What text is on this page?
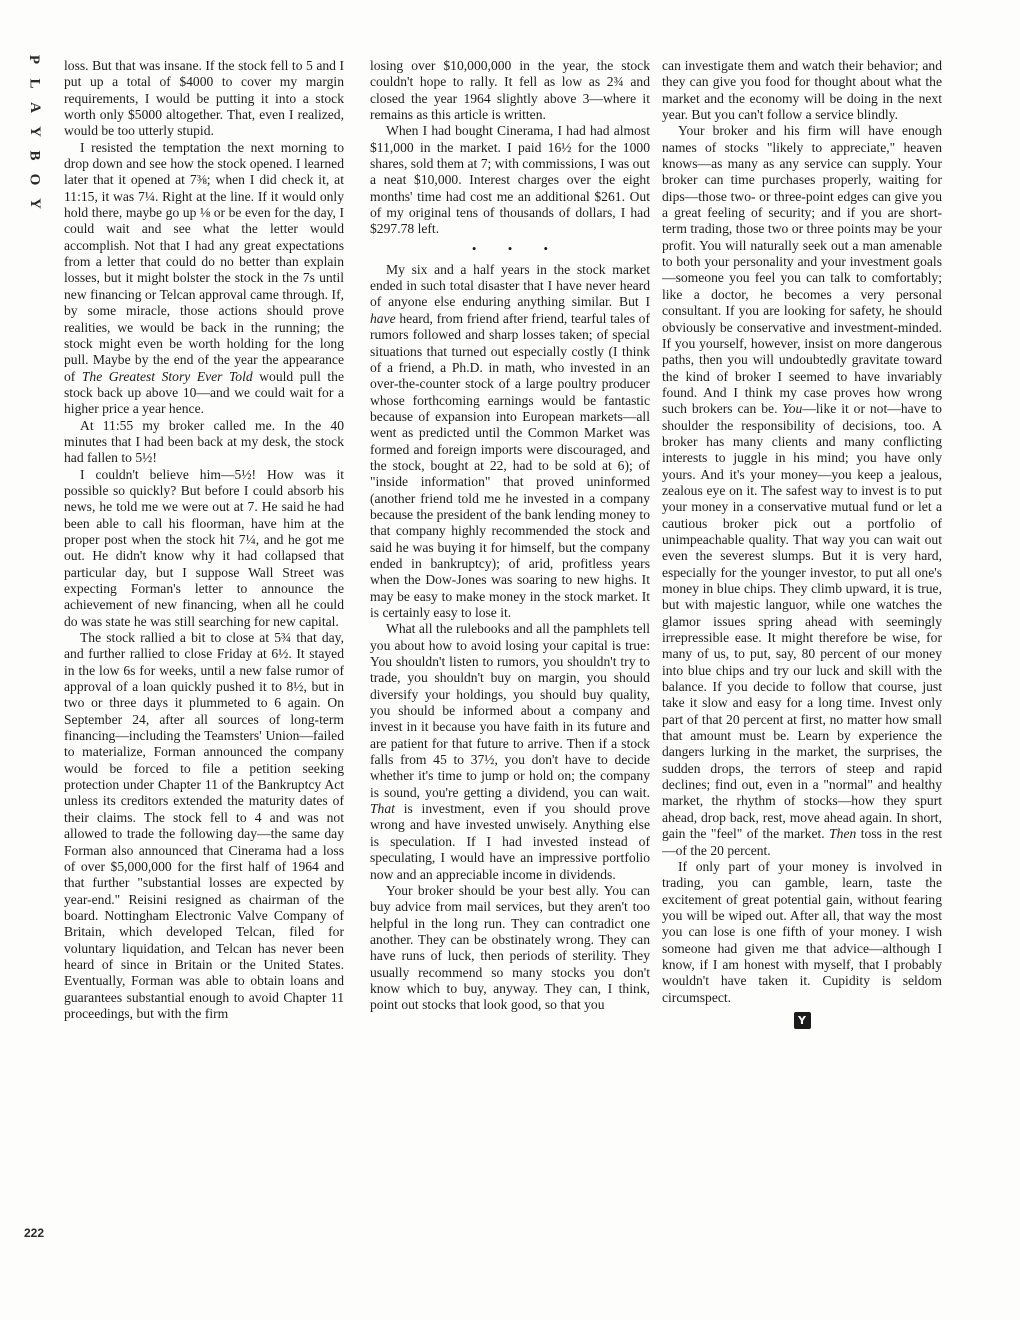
P
L
A
Y
B
O
Y
222

loss. But that was insane. If the stock fell to 5 and I put up a total of $4000 to cover my margin requirements, I would be putting it into a stock worth only $5000 altogether. That, even I realized, would be too utterly stupid.

I resisted the temptation the next morning to drop down and see how the stock opened. I learned later that it opened at 7⅜; when I did check it, at 11:15, it was 7¼. Right at the line. If it would only hold there, maybe go up ⅛ or be even for the day, I could wait and see what the letter would accomplish. Not that I had any great expectations from a letter that could do no better than explain losses, but it might bolster the stock in the 7s until new financing or Telcan approval came through. If, by some miracle, those actions should prove realities, we would be back in the running; the stock might even be worth holding for the long pull. Maybe by the end of the year the appearance of The Greatest Story Ever Told would pull the stock back up above 10—and we could wait for a higher price a year hence.

At 11:55 my broker called me. In the 40 minutes that I had been back at my desk, the stock had fallen to 5½!

I couldn't believe him—5½! How was it possible so quickly? But before I could absorb his news, he told me we were out at 7. He said he had been able to call his floorman, have him at the proper post when the stock hit 7¼, and he got me out. He didn't know why it had collapsed that particular day, but I suppose Wall Street was expecting Forman's letter to announce the achievement of new financing, when all he could do was state he was still searching for new capital.

The stock rallied a bit to close at 5¾ that day, and further rallied to close Friday at 6½. It stayed in the low 6s for weeks, until a new false rumor of approval of a loan quickly pushed it to 8½, but in two or three days it plummeted to 6 again. On September 24, after all sources of long-term financing—including the Teamsters' Union—failed to materialize, Forman announced the company would be forced to file a petition seeking protection under Chapter 11 of the Bankruptcy Act unless its creditors extended the maturity dates of their claims. The stock fell to 4 and was not allowed to trade the following day—the same day Forman also announced that Cinerama had a loss of over $5,000,000 for the first half of 1964 and that further "substantial losses are expected by year-end." Reisini resigned as chairman of the board. Nottingham Electronic Valve Company of Britain, which developed Telcan, filed for voluntary liquidation, and Telcan has never been heard of since in Britain or the United States. Eventually, Forman was able to obtain loans and guarantees substantial enough to avoid Chapter 11 proceedings, but with the firm

losing over $10,000,000 in the year, the stock couldn't hope to rally. It fell as low as 2¾ and closed the year 1964 slightly above 3—where it remains as this article is written.

When I had bought Cinerama, I had had almost $11,000 in the market. I paid 16½ for the 1000 shares, sold them at 7; with commissions, I was out a neat $10,000. Interest charges over the eight months' time had cost me an additional $261. Out of my original tens of thousands of dollars, I had $297.78 left.

• • •

My six and a half years in the stock market ended in such total disaster that I have never heard of anyone else enduring anything similar. But I have heard, from friend after friend, tearful tales of rumors followed and sharp losses taken; of special situations that turned out especially costly (I think of a friend, a Ph.D. in math, who invested in an over-the-counter stock of a large poultry producer whose forthcoming earnings would be fantastic because of expansion into European markets—all went as predicted until the Common Market was formed and foreign imports were discouraged, and the stock, bought at 22, had to be sold at 6); of "inside information" that proved uninformed (another friend told me he invested in a company because the president of the bank lending money to that company highly recommended the stock and said he was buying it for himself, but the company ended in bankruptcy); of arid, profitless years when the Dow-Jones was soaring to new highs. It may be easy to make money in the stock market. It is certainly easy to lose it.

What all the rulebooks and all the pamphlets tell you about how to avoid losing your capital is true: You shouldn't listen to rumors, you shouldn't try to trade, you shouldn't buy on margin, you should diversify your holdings, you should buy quality, you should be informed about a company and invest in it because you have faith in its future and are patient for that future to arrive. Then if a stock falls from 45 to 37½, you don't have to decide whether it's time to jump or hold on; the company is sound, you're getting a dividend, you can wait. That is investment, even if you should prove wrong and have invested unwisely. Anything else is speculation. If I had invested instead of speculating, I would have an impressive portfolio now and an appreciable income in dividends.

Your broker should be your best ally. You can buy advice from mail services, but they aren't too helpful in the long run. They can contradict one another. They can be obstinately wrong. They can have runs of luck, then periods of sterility. They usually recommend so many stocks you don't know which to buy, anyway. They can, I think, point out stocks that look good, so that you

can investigate them and watch their behavior; and they can give you food for thought about what the market and the economy will be doing in the next year. But you can't follow a service blindly.

Your broker and his firm will have enough names of stocks "likely to appreciate," heaven knows—as many as any service can supply. Your broker can time purchases properly, waiting for dips—those two- or three-point edges can give you a great feeling of security; and if you are short-term trading, those two or three points may be your profit. You will naturally seek out a man amenable to both your personality and your investment goals—someone you feel you can talk to comfortably; like a doctor, he becomes a very personal consultant. If you are looking for safety, he should obviously be conservative and investment-minded. If you yourself, however, insist on more dangerous paths, then you will undoubtedly gravitate toward the kind of broker I seemed to have invariably found. And I think my case proves how wrong such brokers can be. You—like it or not—have to shoulder the responsibility of decisions, too. A broker has many clients and many conflicting interests to juggle in his mind; you have only yours. And it's your money—you keep a jealous, zealous eye on it. The safest way to invest is to put your money in a conservative mutual fund or let a cautious broker pick out a portfolio of unimpeachable quality. That way you can wait out even the severest slumps. But it is very hard, especially for the younger investor, to put all one's money in blue chips. They climb upward, it is true, but with majestic languor, while one watches the glamor issues spring ahead with seemingly irrepressible ease. It might therefore be wise, for many of us, to put, say, 80 percent of our money into blue chips and try our luck and skill with the balance. If you decide to follow that course, just take it slow and easy for a long time. Invest only part of that 20 percent at first, no matter how small that amount must be. Learn by experience the dangers lurking in the market, the surprises, the sudden drops, the terrors of steep and rapid declines; find out, even in a "normal" and healthy market, the rhythm of stocks—how they spurt ahead, drop back, rest, move ahead again. In short, gain the "feel" of the market. Then toss in the rest—of the 20 percent.

If only part of your money is involved in trading, you can gamble, learn, taste the excitement of great potential gain, without fearing you will be wiped out. After all, that way the most you can lose is one fifth of your money. I wish someone had given me that advice—although I know, if I am honest with myself, that I probably wouldn't have taken it. Cupidity is seldom circumspect.

Y
